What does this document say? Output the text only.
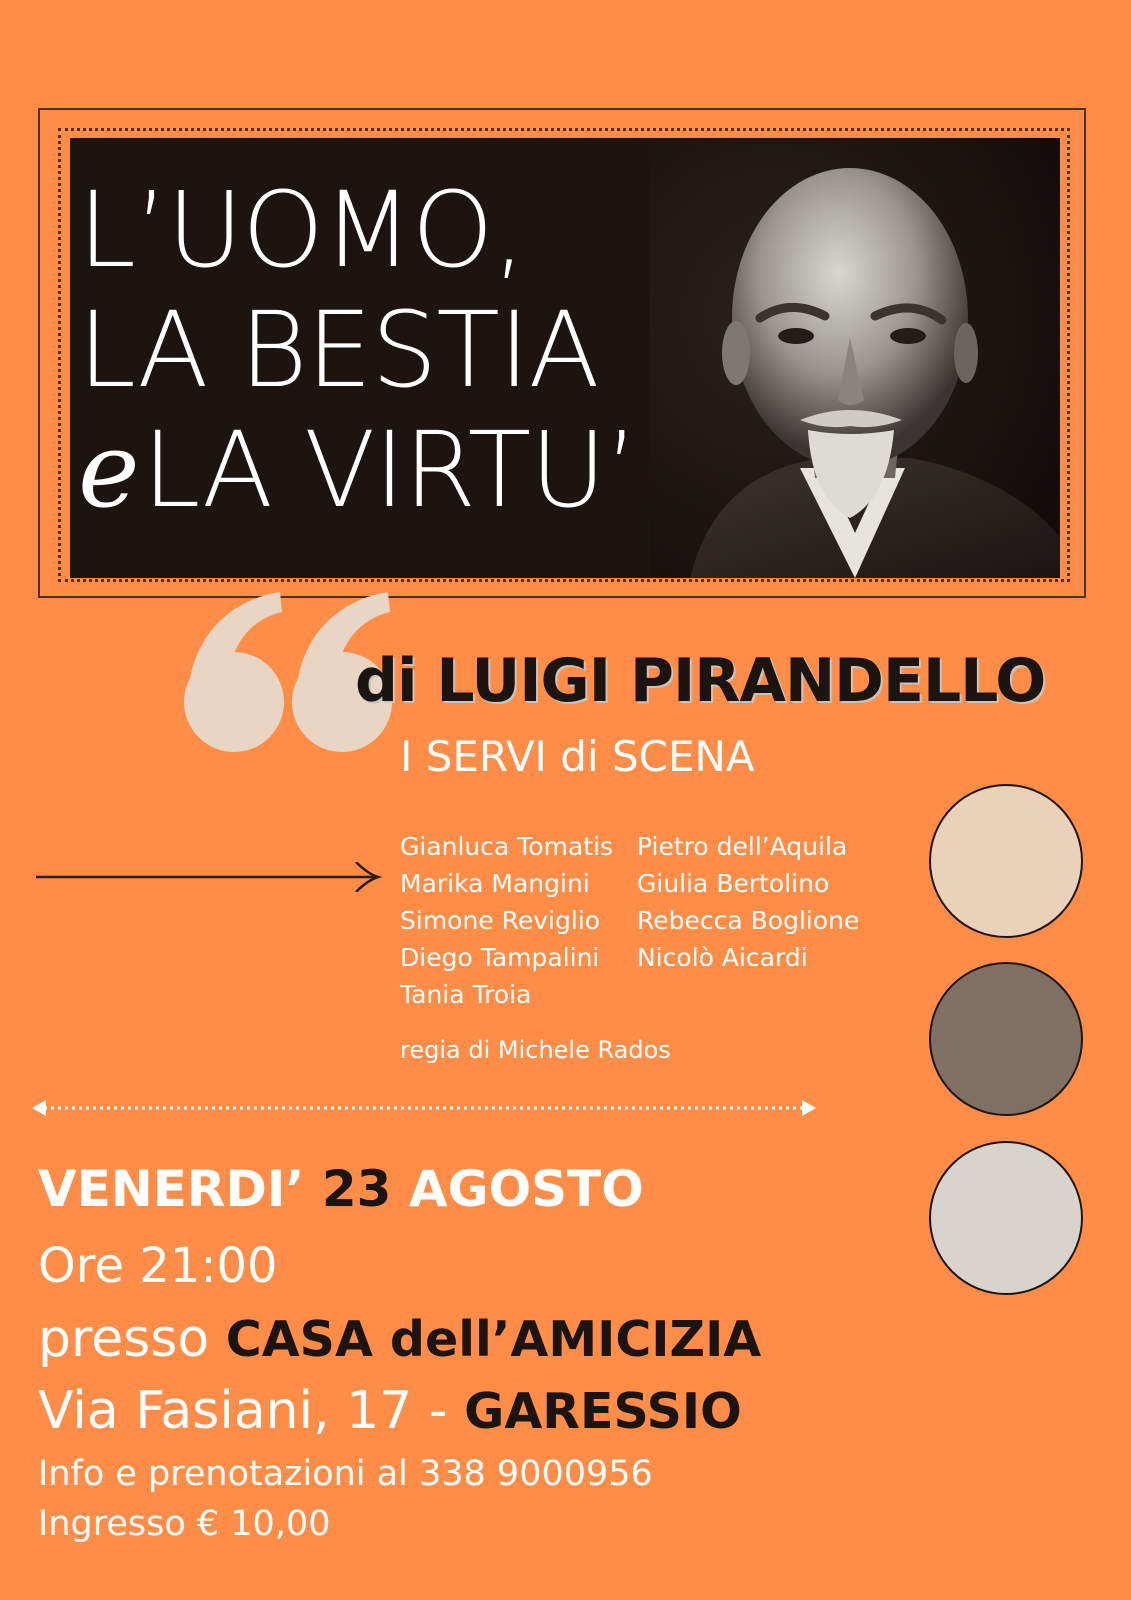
L’UOMO,
LA BESTIA
eLA VIRTU’
di LUIGI PIRANDELLO
I SERVI di SCENA
Gianluca Tomatis
Marika Mangini
Simone Reviglio
Diego Tampalini
Tania Troia
Pietro dell’Aquila
Giulia Bertolino
Rebecca Boglione
Nicolò Aicardi
regia di Michele Rados
VENERDI’ 23 AGOSTO
Ore 21:00
presso CASA dell’AMICIZIA
Via Fasiani, 17 - GARESSIO
Info e prenotazioni al 338 9000956
Ingresso € 10,00
